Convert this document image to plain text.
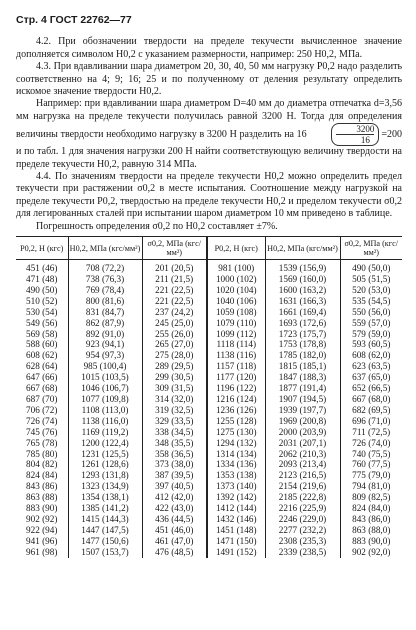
Стр. 4 ГОСТ 22762—77

4.2. При обозначении твердости на пределе текучести вычисленное значение дополняется символом H0,2 с указанием размерности, например: 250 H0,2, МПа.

4.3. При вдавливании шара диаметром 20, 30, 40, 50 мм нагрузку P0,2 надо разделить соответственно на 4; 9; 16; 25 и по полученному от деления результату определить искомое значение твердости H0,2.

Например: при вдавливании шара диаметром D=40 мм до диаметра отпечатка d=3,56 мм нагрузка на пределе текучести получилась равной 3200 Н. Тогда для определения величины твердости необходимо нагрузку в 3200 Н разделить на 16	$\frac{3200}{16} =200$ и по табл. 1 для значения нагрузки 200 Н найти соответствующую величину твердости на пределе текучести H0,2, равную 314 МПа.

4.4. По значениям твердости на пределе текучести H0,2 можно определить предел текучести при растяжении σ0,2 в месте испытания. Соотношение между нагрузкой на пределе текучести P0,2, твердостью на пределе текучести H0,2 и пределом текучести σ0,2 для легированных сталей при испытании шаром диаметром 10 мм приведено в таблице.

Погрешность определения σ0,2 по H0,2 составляет ±7%.

P0,2, Н (кгс)	H0,2, МПа (кгс/мм²)	σ0,2, МПа (кгс/мм²)	P0,2, Н (кгс)	H0,2, МПа (кгс/мм²)	σ0,2, МПа (кгс/мм²)
451 (46)	708 (72,2)	201 (20,5)	981 (100)	1539 (156,9)	490 (50,0)
471 (48)	738 (76,3)	211 (21,5)	1000 (102)	1569 (160,0)	505 (51,5)
490 (50)	769 (78,4)	221 (22,5)	1020 (104)	1600 (163,2)	520 (53,0)
510 (52)	800 (81,6)	221 (22,5)	1040 (106)	1631 (166,3)	535 (54,5)
530 (54)	831 (84,7)	237 (24,2)	1059 (108)	1661 (169,4)	550 (56,0)
549 (56)	862 (87,9)	245 (25,0)	1079 (110)	1693 (172,6)	559 (57,0)
569 (58)	892 (91,0)	255 (26,0)	1099 (112)	1723 (175,7)	579 (59,0)
588 (60)	923 (94,1)	265 (27,0)	1118 (114)	1753 (178,8)	593 (60,5)
608 (62)	954 (97,3)	275 (28,0)	1138 (116)	1785 (182,0)	608 (62,0)
628 (64)	985 (100,4)	289 (29,5)	1157 (118)	1815 (185,1)	623 (63,5)
647 (66)	1015 (103,5)	299 (30,5)	1177 (120)	1847 (188,3)	637 (65,0)
667 (68)	1046 (106,7)	309 (31,5)	1196 (122)	1877 (191,4)	652 (66,5)
687 (70)	1077 (109,8)	314 (32,0)	1216 (124)	1907 (194,5)	667 (68,0)
706 (72)	1108 (113,0)	319 (32,5)	1236 (126)	1939 (197,7)	682 (69,5)
726 (74)	1138 (116,0)	329 (33,5)	1255 (128)	1969 (200,8)	696 (71,0)
745 (76)	1169 (119,2)	338 (34,5)	1275 (130)	2000 (203,9)	711 (72,5)
765 (78)	1200 (122,4)	348 (35,5)	1294 (132)	2031 (207,1)	726 (74,0)
785 (80)	1231 (125,5)	358 (36,5)	1314 (134)	2062 (210,3)	740 (75,5)
804 (82)	1261 (128,6)	373 (38,0)	1334 (136)	2093 (213,4)	760 (77,5)
824 (84)	1293 (131,8)	387 (39,5)	1353 (138)	2123 (216,5)	775 (79,0)
843 (86)	1323 (134,9)	397 (40,5)	1373 (140)	2154 (219,6)	794 (81,0)
863 (88)	1354 (138,1)	412 (42,0)	1392 (142)	2185 (222,8)	809 (82,5)
883 (90)	1385 (141,2)	422 (43,0)	1412 (144)	2216 (225,9)	824 (84,0)
902 (92)	1415 (144,3)	436 (44,5)	1432 (146)	2246 (229,0)	843 (86,0)
922 (94)	1447 (147,5)	451 (46,0)	1451 (148)	2277 (232,2)	863 (88,0)
941 (96)	1477 (150,6)	461 (47,0)	1471 (150)	2308 (235,3)	883 (90,0)
961 (98)	1507 (153,7)	476 (48,5)	1491 (152)	2339 (238,5)	902 (92,0)
